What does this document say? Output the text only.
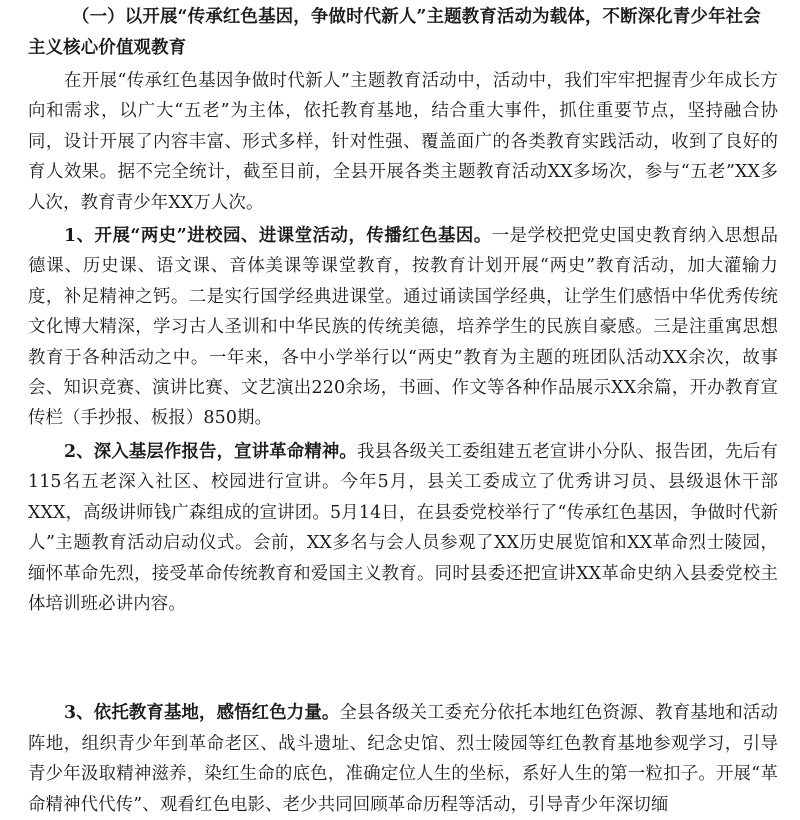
（一）以开展“传承红色基因，争做时代新人”主题教育活动为载体，不断深化青少年社会主义核心价值观教育

在开展“传承红色基因争做时代新人”主题教育活动中，活动中，我们牢牢把握青少年成长方向和需求，以广大“五老”为主体，依托教育基地，结合重大事件，抓住重要节点，坚持融合协同，设计开展了内容丰富、形式多样，针对性强、覆盖面广的各类教育实践活动，收到了良好的育人效果。据不完全统计，截至目前，全县开展各类主题教育活动XX多场次，参与“五老”XX多人次，教育青少年XX万人次。

1、开展“两史”进校园、进课堂活动，传播红色基因。一是学校把党史国史教育纳入思想品德课、历史课、语文课、音体美课等课堂教育，按教育计划开展“两史”教育活动，加大灌输力度，补足精神之钙。二是实行国学经典进课堂。通过诵读国学经典，让学生们感悟中华优秀传统文化博大精深，学习古人圣训和中华民族的传统美德，培养学生的民族自豪感。三是注重寓思想教育于各种活动之中。一年来，各中小学举行以“两史”教育为主题的班团队活动XX余次，故事会、知识竞赛、演讲比赛、文艺演出220余场，书画、作文等各种作品展示XX余篇，开办教育宣传栏（手抄报、板报）850期。

2、深入基层作报告，宣讲革命精神。我县各级关工委组建五老宣讲小分队、报告团，先后有115名五老深入社区、校园进行宣讲。今年5月，县关工委成立了优秀讲习员、县级退休干部XXX，高级讲师钱广森组成的宣讲团。5月14日，在县委党校举行了“传承红色基因，争做时代新人”主题教育活动启动仪式。会前，XX多名与会人员参观了XX历史展览馆和XX革命烈士陵园，缅怀革命先烈，接受革命传统教育和爱国主义教育。同时县委还把宣讲XX革命史纳入县委党校主体培训班必讲内容。

3、依托教育基地，感悟红色力量。全县各级关工委充分依托本地红色资源、教育基地和活动阵地，组织青少年到革命老区、战斗遗址、纪念史馆、烈士陵园等红色教育基地参观学习，引导青少年汲取精神滋养，染红生命的底色，准确定位人生的坐标，系好人生的第一粒扣子。开展“革命精神代代传”、观看红色电影、老少共同回顾革命历程等活动，引导青少年深切缅
